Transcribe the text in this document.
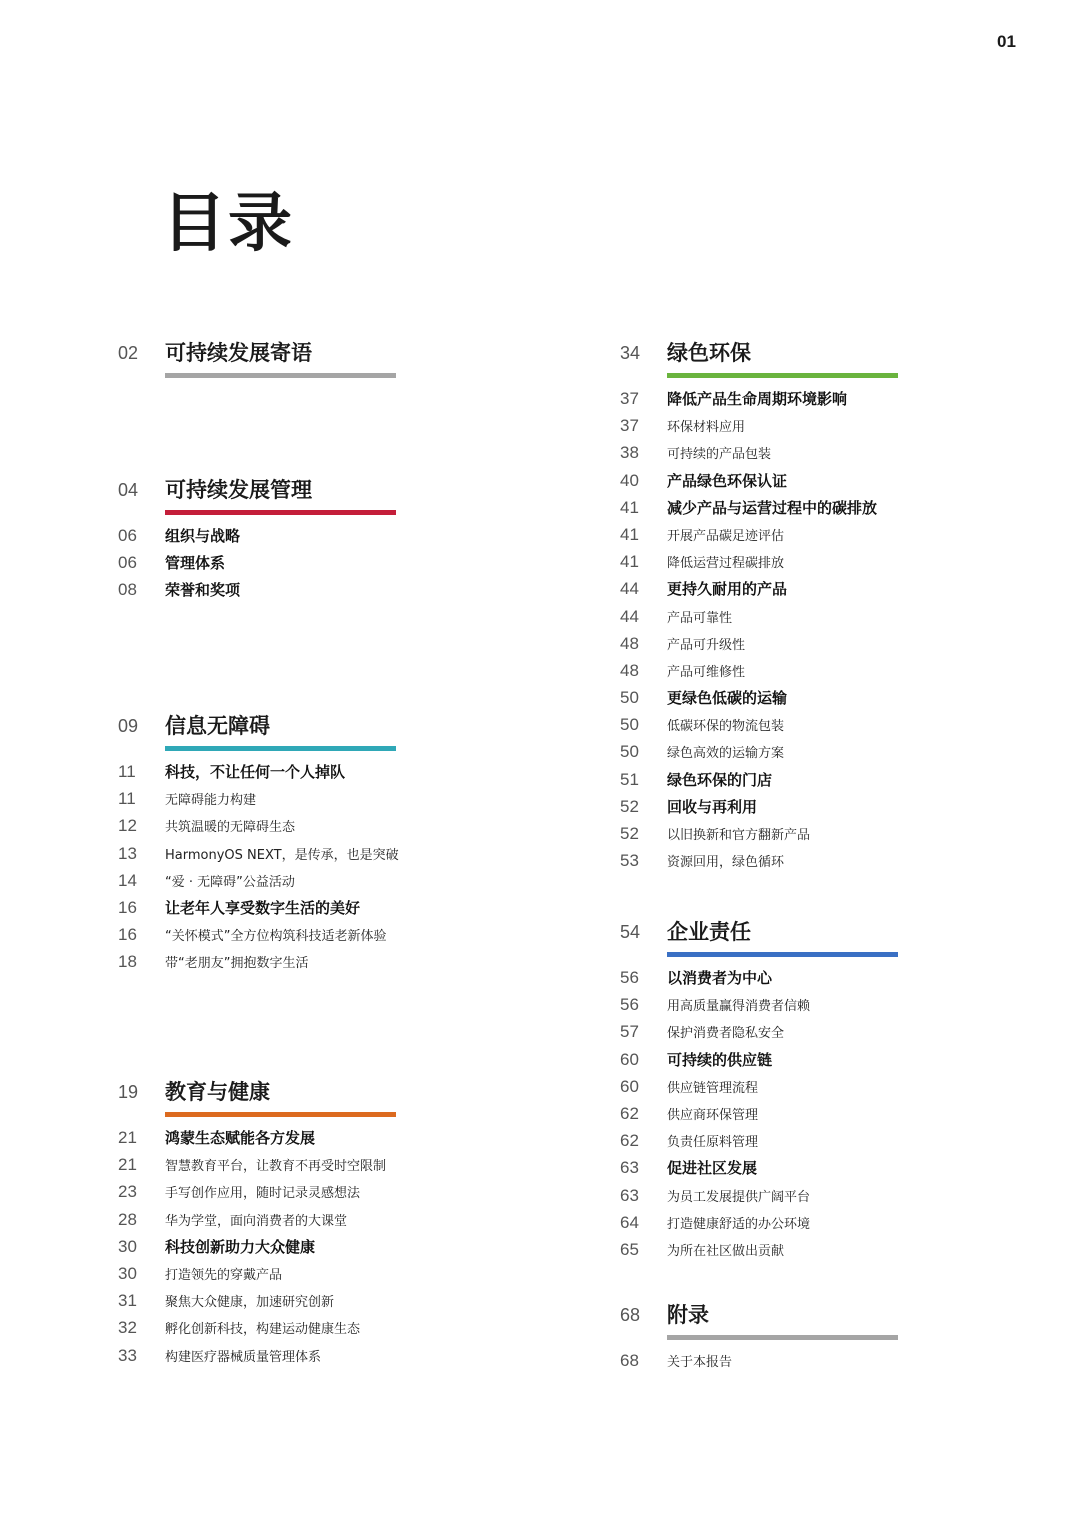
01
目录
02 可持续发展寄语
04 可持续发展管理
06 组织与战略
06 管理体系
08 荣誉和奖项
09 信息无障碍
11 科技，不让任何一个人掉队
11 无障碍能力构建
12 共筑温暖的无障碍生态
13 HarmonyOS NEXT，是传承，也是突破
14 “爱 · 无障碍”公益活动
16 让老年人享受数字生活的美好
16 “关怀模式”全方位构筑科技适老新体验
18 带“老朋友”拥抱数字生活
19 教育与健康
21 鸿蒙生态赋能各方发展
21 智慧教育平台，让教育不再受时空限制
23 手写创作应用，随时记录灵感想法
28 华为学堂，面向消费者的大课堂
30 科技创新助力大众健康
30 打造领先的穿戴产品
31 聚焦大众健康，加速研究创新
32 孵化创新科技，构建运动健康生态
33 构建医疗器械质量管理体系
34 绿色环保
37 降低产品生命周期环境影响
37 环保材料应用
38 可持续的产品包装
40 产品绿色环保认证
41 减少产品与运营过程中的碳排放
41 开展产品碳足迹评估
41 降低运营过程碳排放
44 更持久耐用的产品
44 产品可靠性
48 产品可升级性
48 产品可维修性
50 更绿色低碳的运输
50 低碳环保的物流包装
50 绿色高效的运输方案
51 绿色环保的门店
52 回收与再利用
52 以旧换新和官方翻新产品
53 资源回用，绿色循环
54 企业责任
56 以消费者为中心
56 用高质量赢得消费者信赖
57 保护消费者隐私安全
60 可持续的供应链
60 供应链管理流程
62 供应商环保管理
62 负责任原料管理
63 促进社区发展
63 为员工发展提供广阔平台
64 打造健康舒适的办公环境
65 为所在社区做出贡献
68 附录
68 关于本报告
